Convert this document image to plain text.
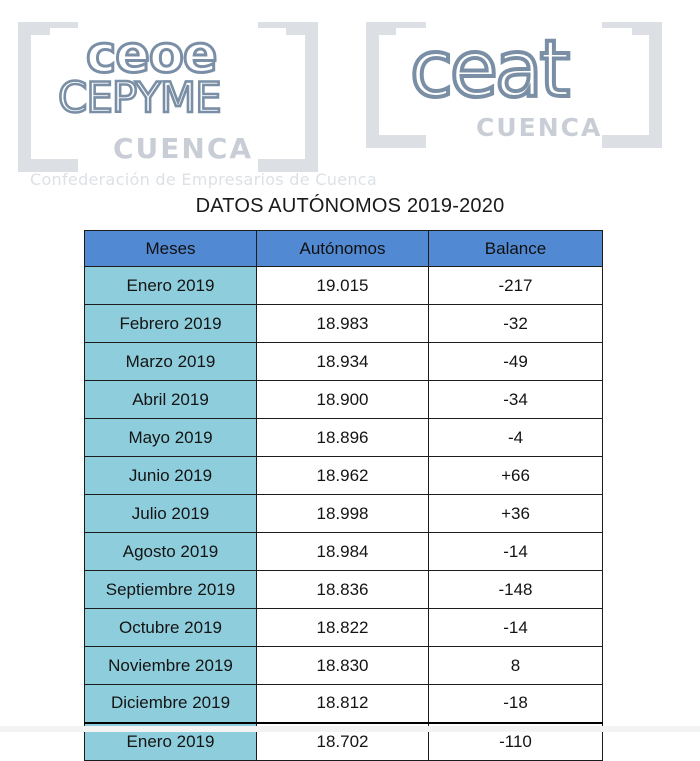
ceoe
CEPYME
CUENCA
Confederación de Empresarios de Cuenca
ceat
CUENCA
DATOS AUTÓNOMOS 2019-2020
Meses	Autónomos	Balance
Enero 2019	19.015	-217
Febrero 2019	18.983	-32
Marzo 2019	18.934	-49
Abril 2019	18.900	-34
Mayo 2019	18.896	-4
Junio 2019	18.962	+66
Julio 2019	18.998	+36
Agosto 2019	18.984	-14
Septiembre 2019	18.836	-148
Octubre 2019	18.822	-14
Noviembre 2019	18.830	8
Diciembre 2019	18.812	-18
Enero 2019	18.702	-110
